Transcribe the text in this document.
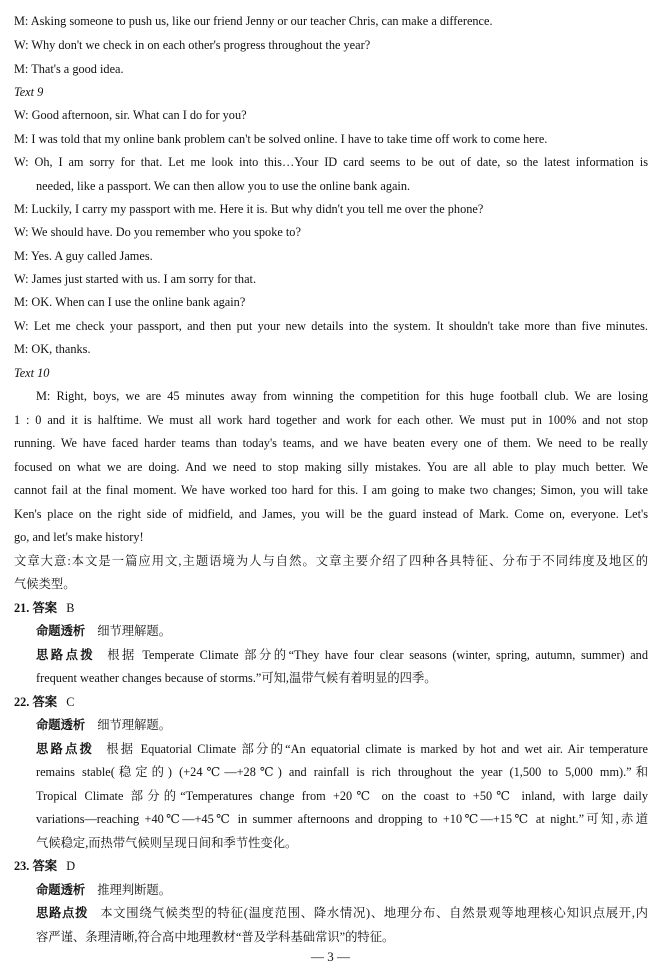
M: Asking someone to push us, like our friend Jenny or our teacher Chris, can make a difference.
W: Why don't we check in on each other's progress throughout the year?
M: That's a good idea.
Text 9
W: Good afternoon, sir. What can I do for you?
M: I was told that my online bank problem can't be solved online. I have to take time off work to come here.
W: Oh, I am sorry for that. Let me look into this…Your ID card seems to be out of date, so the latest information is
needed, like a passport. We can then allow you to use the online bank again.
M: Luckily, I carry my passport with me. Here it is. But why didn't you tell me over the phone?
W: We should have. Do you remember who you spoke to?
M: Yes. A guy called James.
W: James just started with us. I am sorry for that.
M: OK. When can I use the online bank again?
W: Let me check your passport, and then put your new details into the system. It shouldn't take more than five minutes.
M: OK, thanks.
Text 10
M: Right, boys, we are 45 minutes away from winning the competition for this huge football club. We are losing
1 : 0 and it is halftime. We must all work hard together and work for each other. We must put in 100% and not stop
running. We have faced harder teams than today's teams, and we have beaten every one of them. We need to be really
focused on what we are doing. And we need to stop making silly mistakes. You are all able to play much better. We
cannot fail at the final moment. We have worked too hard for this. I am going to make two changes; Simon, you will take
Ken's place on the right side of midfield, and James, you will be the guard instead of Mark. Come on, everyone. Let's
go, and let's make history!
文章大意:本文是一篇应用文,主题语境为人与自然。文章主要介绍了四种各具特征、分布于不同纬度及地区的
气候类型。
21. 答案 B
命题透析 细节理解题。
思路点拨 根据 Temperate Climate 部分的“They have four clear seasons (winter, spring, autumn, summer) and
frequent weather changes because of storms.”可知,温带气候有着明显的四季。
22. 答案 C
命题透析 细节理解题。
思路点拨 根据 Equatorial Climate 部分的“An equatorial climate is marked by hot and wet air. Air temperature
remains stable(稳定的) (+24℃—+28℃) and rainfall is rich throughout the year (1,500 to 5,000 mm).”和
Tropical Climate 部分的“Temperatures change from +20℃ on the coast to +50℃ inland, with large daily
variations—reaching +40℃—+45℃ in summer afternoons and dropping to +10℃—+15℃ at night.”可知,赤道
气候稳定,而热带气候则呈现日间和季节性变化。
23. 答案 D
命题透析 推理判断题。
思路点拨 本文围绕气候类型的特征(温度范围、降水情况)、地理分布、自然景观等地理核心知识点展开,内
容严谨、条理清晰,符合高中地理教材“普及学科基础常识”的特征。
— 3 —
